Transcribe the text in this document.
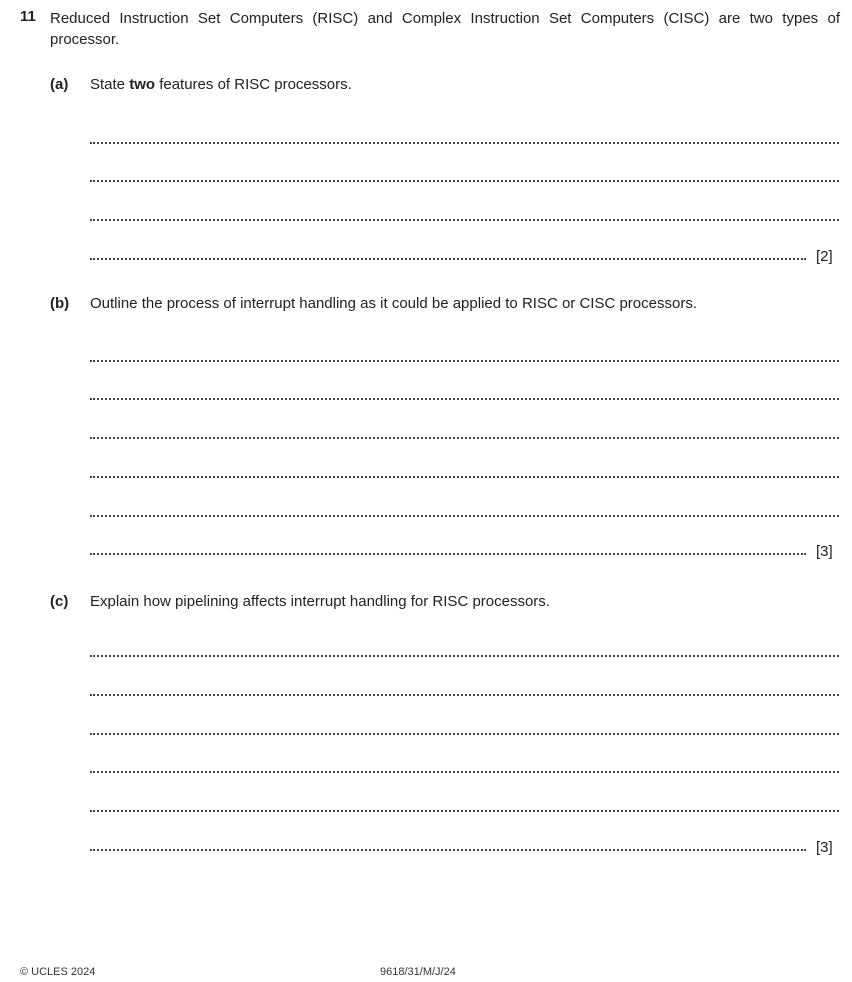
11 Reduced Instruction Set Computers (RISC) and Complex Instruction Set Computers (CISC) are two types of processor.
(a) State two features of RISC processors.
[2]
(b) Outline the process of interrupt handling as it could be applied to RISC or CISC processors.
[3]
(c) Explain how pipelining affects interrupt handling for RISC processors.
[3]
© UCLES 2024	9618/31/M/J/24
